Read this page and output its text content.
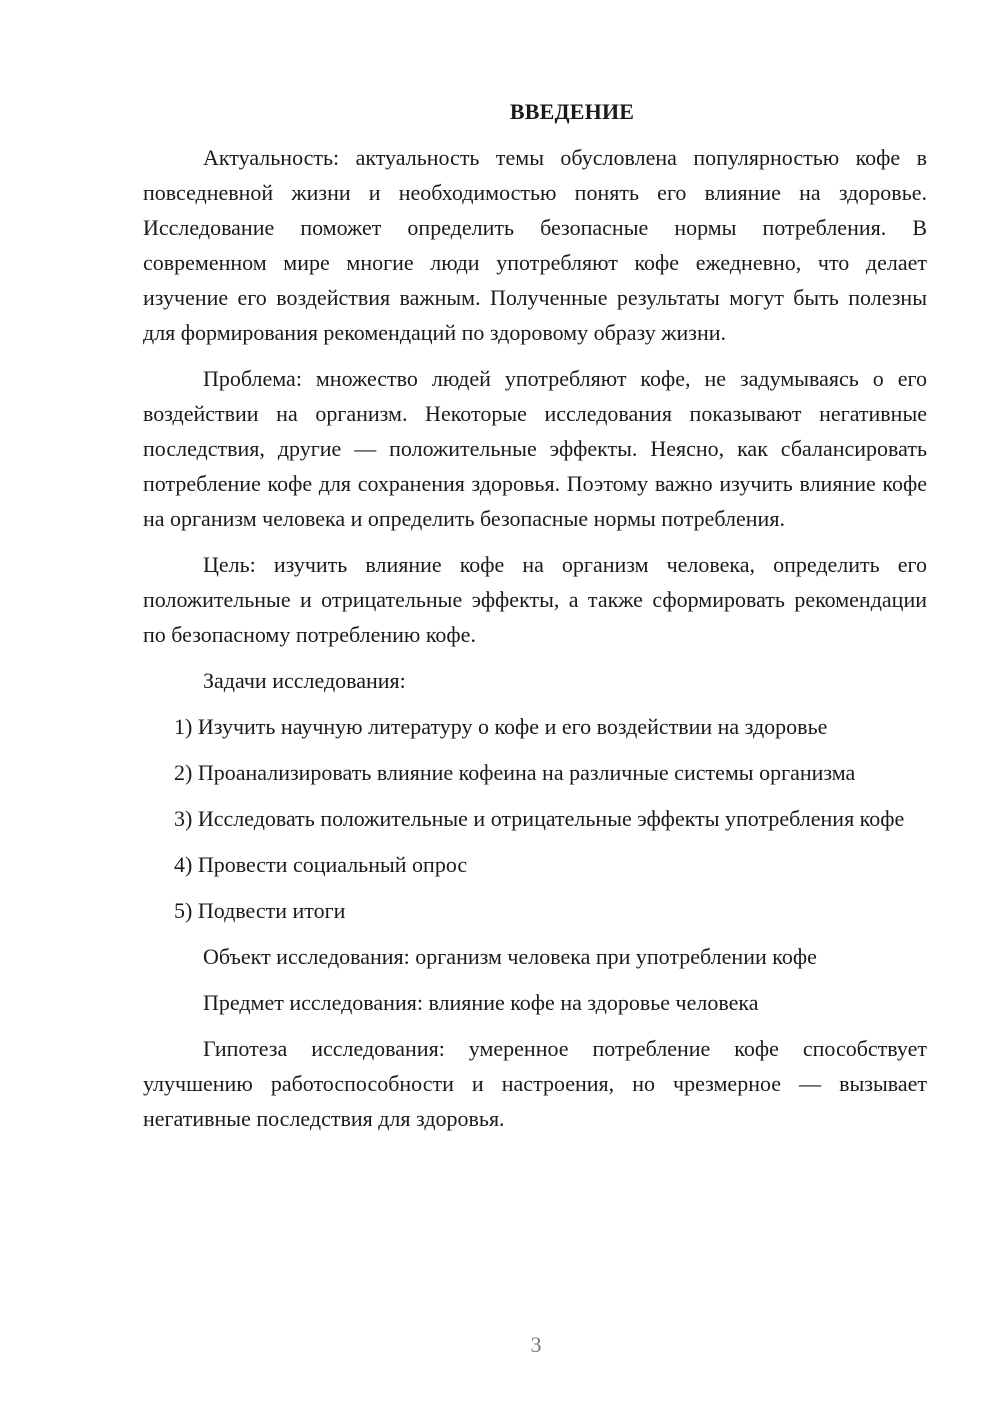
ВВЕДЕНИЕ

Актуальность: актуальность темы обусловлена популярностью кофе в повседневной жизни и необходимостью понять его влияние на здоровье. Исследование поможет определить безопасные нормы потребления. В современном мире многие люди употребляют кофе ежедневно, что делает изучение его воздействия важным. Полученные результаты могут быть полезны для формирования рекомендаций по здоровому образу жизни.

Проблема: множество людей употребляют кофе, не задумываясь о его воздействии на организм. Некоторые исследования показывают негативные последствия, другие — положительные эффекты. Неясно, как сбалансировать потребление кофе для сохранения здоровья. Поэтому важно изучить влияние кофе на организм человека и определить безопасные нормы потребления.

Цель: изучить влияние кофе на организм человека, определить его положительные и отрицательные эффекты, а также сформировать рекомендации по безопасному потреблению кофе.

Задачи исследования:

1) Изучить научную литературу о кофе и его воздействии на здоровье

2) Проанализировать влияние кофеина на различные системы организма

3) Исследовать положительные и отрицательные эффекты употребления кофе

4) Провести социальный опрос

5) Подвести итоги

Объект исследования: организм человека при употреблении кофе

Предмет исследования: влияние кофе на здоровье человека

Гипотеза исследования: умеренное потребление кофе способствует улучшению работоспособности и настроения, но чрезмерное — вызывает негативные последствия для здоровья.

3
